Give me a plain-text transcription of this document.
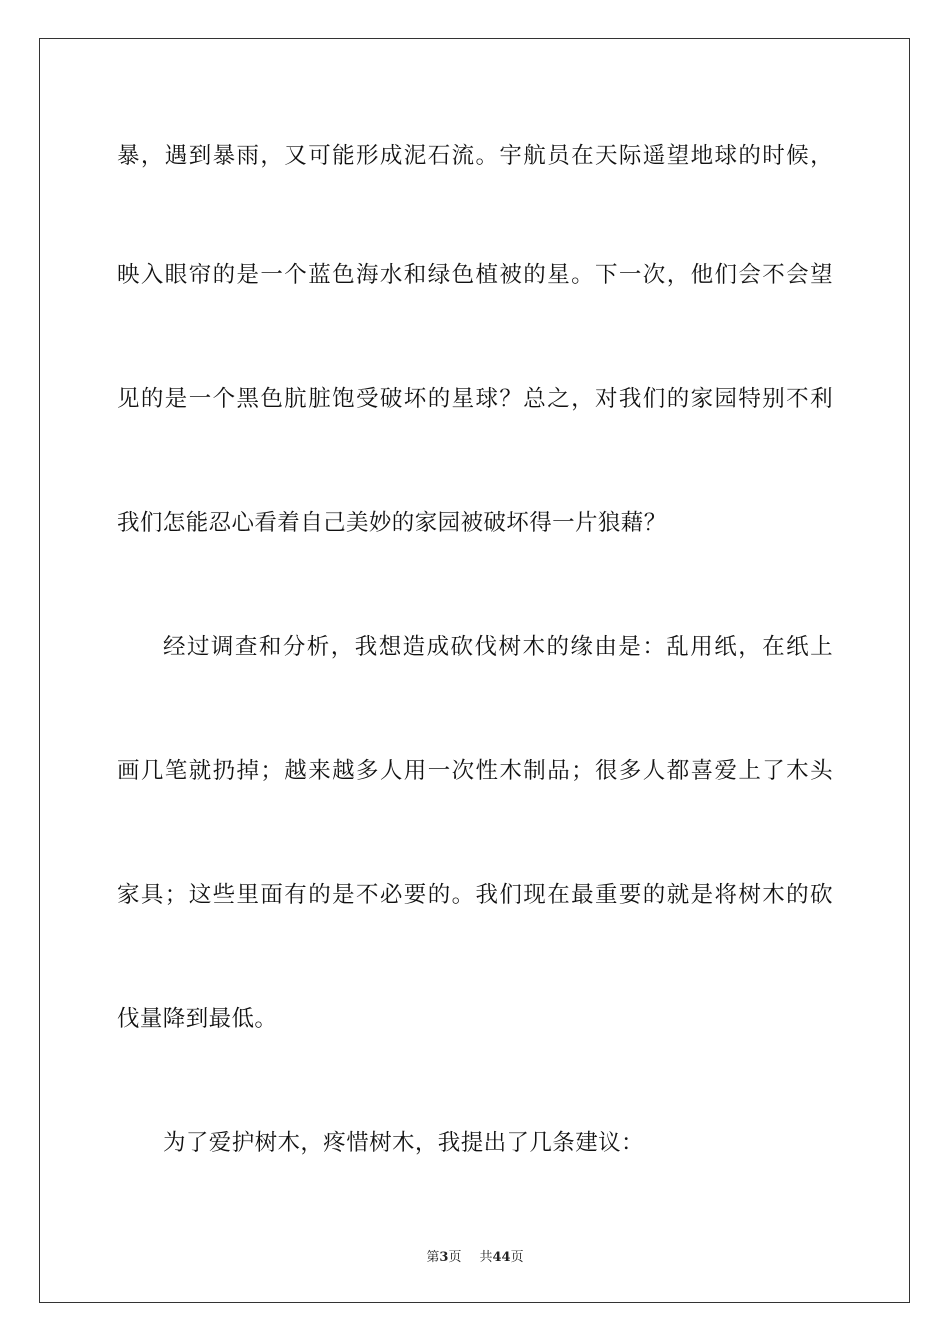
暴，遇到暴雨，又可能形成泥石流。宇航员在天际遥望地球的时候，
映入眼帘的是一个蓝色海水和绿色植被的星。下一次，他们会不会望
见的是一个黑色肮脏饱受破坏的星球？总之，对我们的家园特别不利
我们怎能忍心看着自己美妙的家园被破坏得一片狼藉？
经过调查和分析，我想造成砍伐树木的缘由是：乱用纸，在纸上
画几笔就扔掉；越来越多人用一次性木制品；很多人都喜爱上了木头
家具；这些里面有的是不必要的。我们现在最重要的就是将树木的砍
伐量降到最低。
为了爱护树木，疼惜树木，我提出了几条建议：
第3页 共44页
